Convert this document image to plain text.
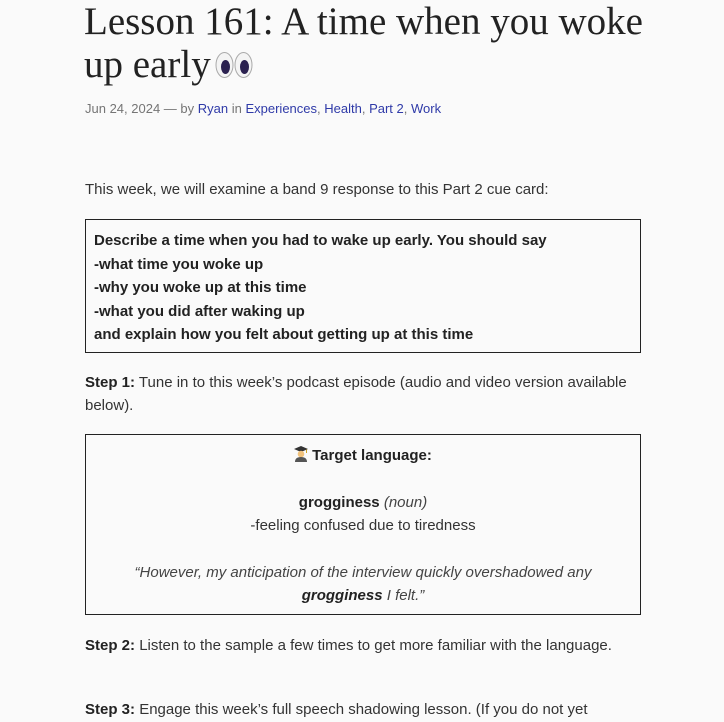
Lesson 161: A time when you woke up early
Jun 24, 2024 — by Ryan in Experiences, Health, Part 2, Work

This week, we will examine a band 9 response to this Part 2 cue card:

Describe a time when you had to wake up early. You should say
-what time you woke up
-why you woke up at this time
-what you did after waking up
and explain how you felt about getting up at this time

Step 1: Tune in to this week’s podcast episode (audio and video version available below).

Target language:
grogginess (noun)
-feeling confused due to tiredness
“However, my anticipation of the interview quickly overshadowed any
grogginess I felt.”

Step 2: Listen to the sample a few times to get more familiar with the language.

Step 3: Engage this week’s full speech shadowing lesson. (If you do not yet
